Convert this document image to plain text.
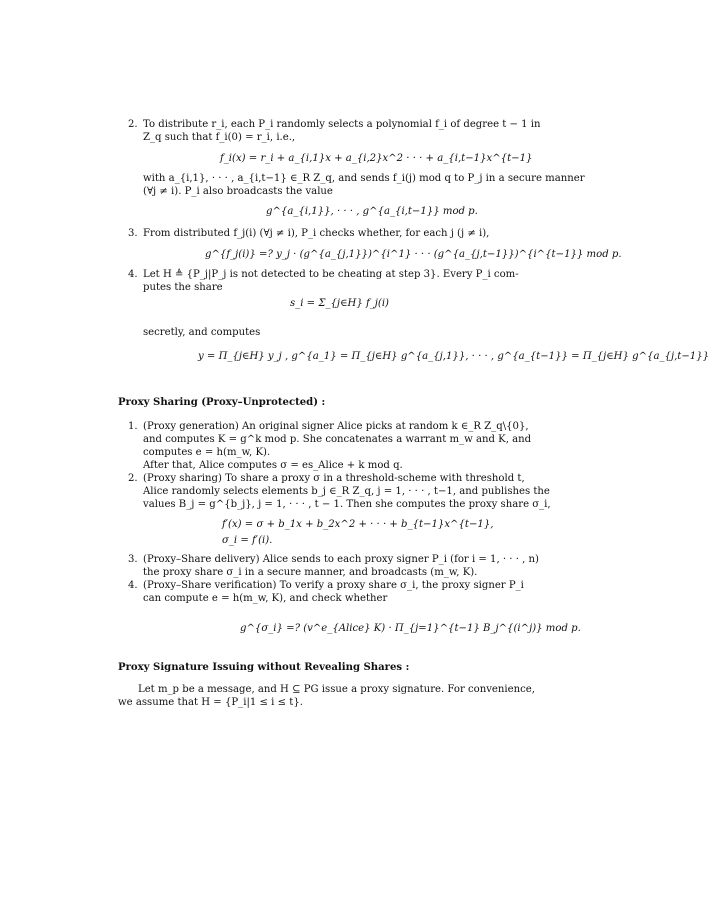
2. To distribute r_i, each P_i randomly selects a polynomial f_i of degree t − 1 in
Z_q such that f_i(0) = r_i, i.e.,
f_i(x) = r_i + a_{i,1}x + a_{i,2}x^2 · · · + a_{i,t−1}x^{t−1}
with a_{i,1}, · · · , a_{i,t−1} ∈_R Z_q, and sends f_i(j) mod q to P_j in a secure manner
(∀j ≠ i). P_i also broadcasts the value
g^{a_{i,1}}, · · · , g^{a_{i,t−1}} mod p.
3. From distributed f_j(i) (∀j ≠ i), P_i checks whether, for each j (j ≠ i),
g^{f_j(i)} =? y_j · (g^{a_{j,1}})^{i^1} · · · (g^{a_{j,t−1}})^{i^{t−1}} mod p.
4. Let H ≜ {P_j|P_j is not detected to be cheating at step 3}. Every P_i com-
putes the share
s_i = Σ_{j∈H} f_j(i)
secretly, and computes
y = Π_{j∈H} y_j , g^{a_1} = Π_{j∈H} g^{a_{j,1}}, · · · , g^{a_{t−1}} = Π_{j∈H} g^{a_{j,t−1}}
Proxy Sharing (Proxy–Unprotected) :
1. (Proxy generation) An original signer Alice picks at random k ∈_R Z_q\{0},
and computes K = g^k mod p. She concatenates a warrant m_w and K, and
computes e = h(m_w, K).
After that, Alice computes σ = es_Alice + k mod q.
2. (Proxy sharing) To share a proxy σ in a threshold-scheme with threshold t,
Alice randomly selects elements b_j ∈_R Z_q, j = 1, · · · , t−1, and publishes the
values B_j = g^{b_j}, j = 1, · · · , t − 1. Then she computes the proxy share σ_i,
f′(x) = σ + b_1x + b_2x^2 + · · · + b_{t−1}x^{t−1},
σ_i = f′(i).
3. (Proxy–Share delivery) Alice sends to each proxy signer P_i (for i = 1, · · · , n)
the proxy share σ_i in a secure manner, and broadcasts (m_w, K).
4. (Proxy–Share verification) To verify a proxy share σ_i, the proxy signer P_i
can compute e = h(m_w, K), and check whether
g^{σ_i} =? (v^e_{Alice} K) · Π_{j=1}^{t−1} B_j^{(i^j)} mod p.
Proxy Signature Issuing without Revealing Shares :
Let m_p be a message, and H ⊆ PG issue a proxy signature. For convenience,
we assume that H = {P_i|1 ≤ i ≤ t}.
